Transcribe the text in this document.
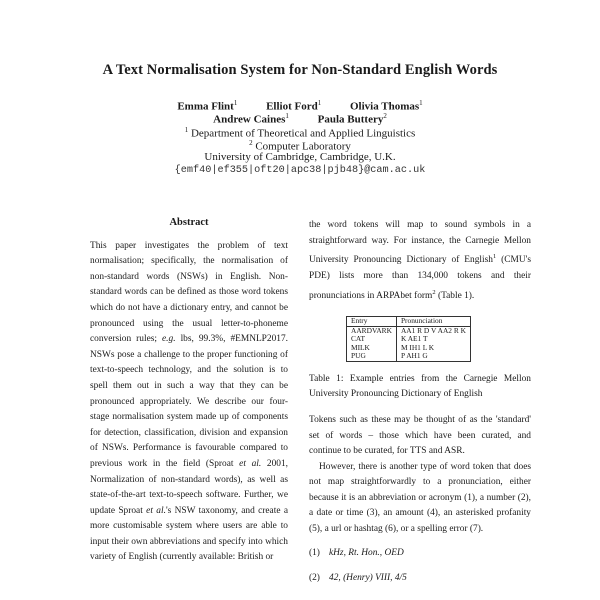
A Text Normalisation System for Non-Standard English Words
Emma Flint$^1$	Elliot Ford$^1$	Olivia Thomas$^1$
Andrew Caines$^1$	Paula Buttery$^2$
$^1$ Department of Theoretical and Applied Linguistics
$^2$ Computer Laboratory
University of Cambridge, Cambridge, U.K.
{emf40|ef355|oft20|apc38|pjb48}@cam.ac.uk
Abstract
This paper investigates the problem of text normalisation; specifically, the normalisation of non-standard words (NSWs) in English. Non-standard words can be defined as those word tokens which do not have a dictionary entry, and cannot be pronounced using the usual letter-to-phoneme conversion rules; e.g. lbs, 99.3%, #EMNLP2017. NSWs pose a challenge to the proper functioning of text-to-speech technology, and the solution is to spell them out in such a way that they can be pronounced appropriately. We describe our four-stage normalisation system made up of components for detection, classification, division and expansion of NSWs. Performance is favourable compared to previous work in the field (Sproat et al. 2001, Normalization of non-standard words), as well as state-of-the-art text-to-speech software. Further, we update Sproat et al.'s NSW taxonomy, and create a more customisable system where users are able to input their own abbreviations and specify into which variety of English (currently available: British or
the word tokens will map to sound symbols in a straightforward way. For instance, the Carnegie Mellon University Pronouncing Dictionary of English$^1$ (CMU's PDE) lists more than 134,000 tokens and their pronunciations in ARPAbet form$^2$ (Table 1).
Entry	Pronunciation
AARDVARK	AA1 R D V AA2 R K
CAT	K AE1 T
MILK	M IH1 L K
PUG	P AH1 G
Table 1: Example entries from the Carnegie Mellon University Pronouncing Dictionary of English
Tokens such as these may be thought of as the 'standard' set of words – those which have been curated, and continue to be curated, for TTS and ASR.
However, there is another type of word token that does not map straightforwardly to a pronunciation, either because it is an abbreviation or acronym (1), a number (2), a date or time (3), an amount (4), an asterisked profanity (5), a url or hashtag (6), or a spelling error (7).
(1) kHz, Rt. Hon., OED
(2) 42, (Henry) VIII, 4/5
